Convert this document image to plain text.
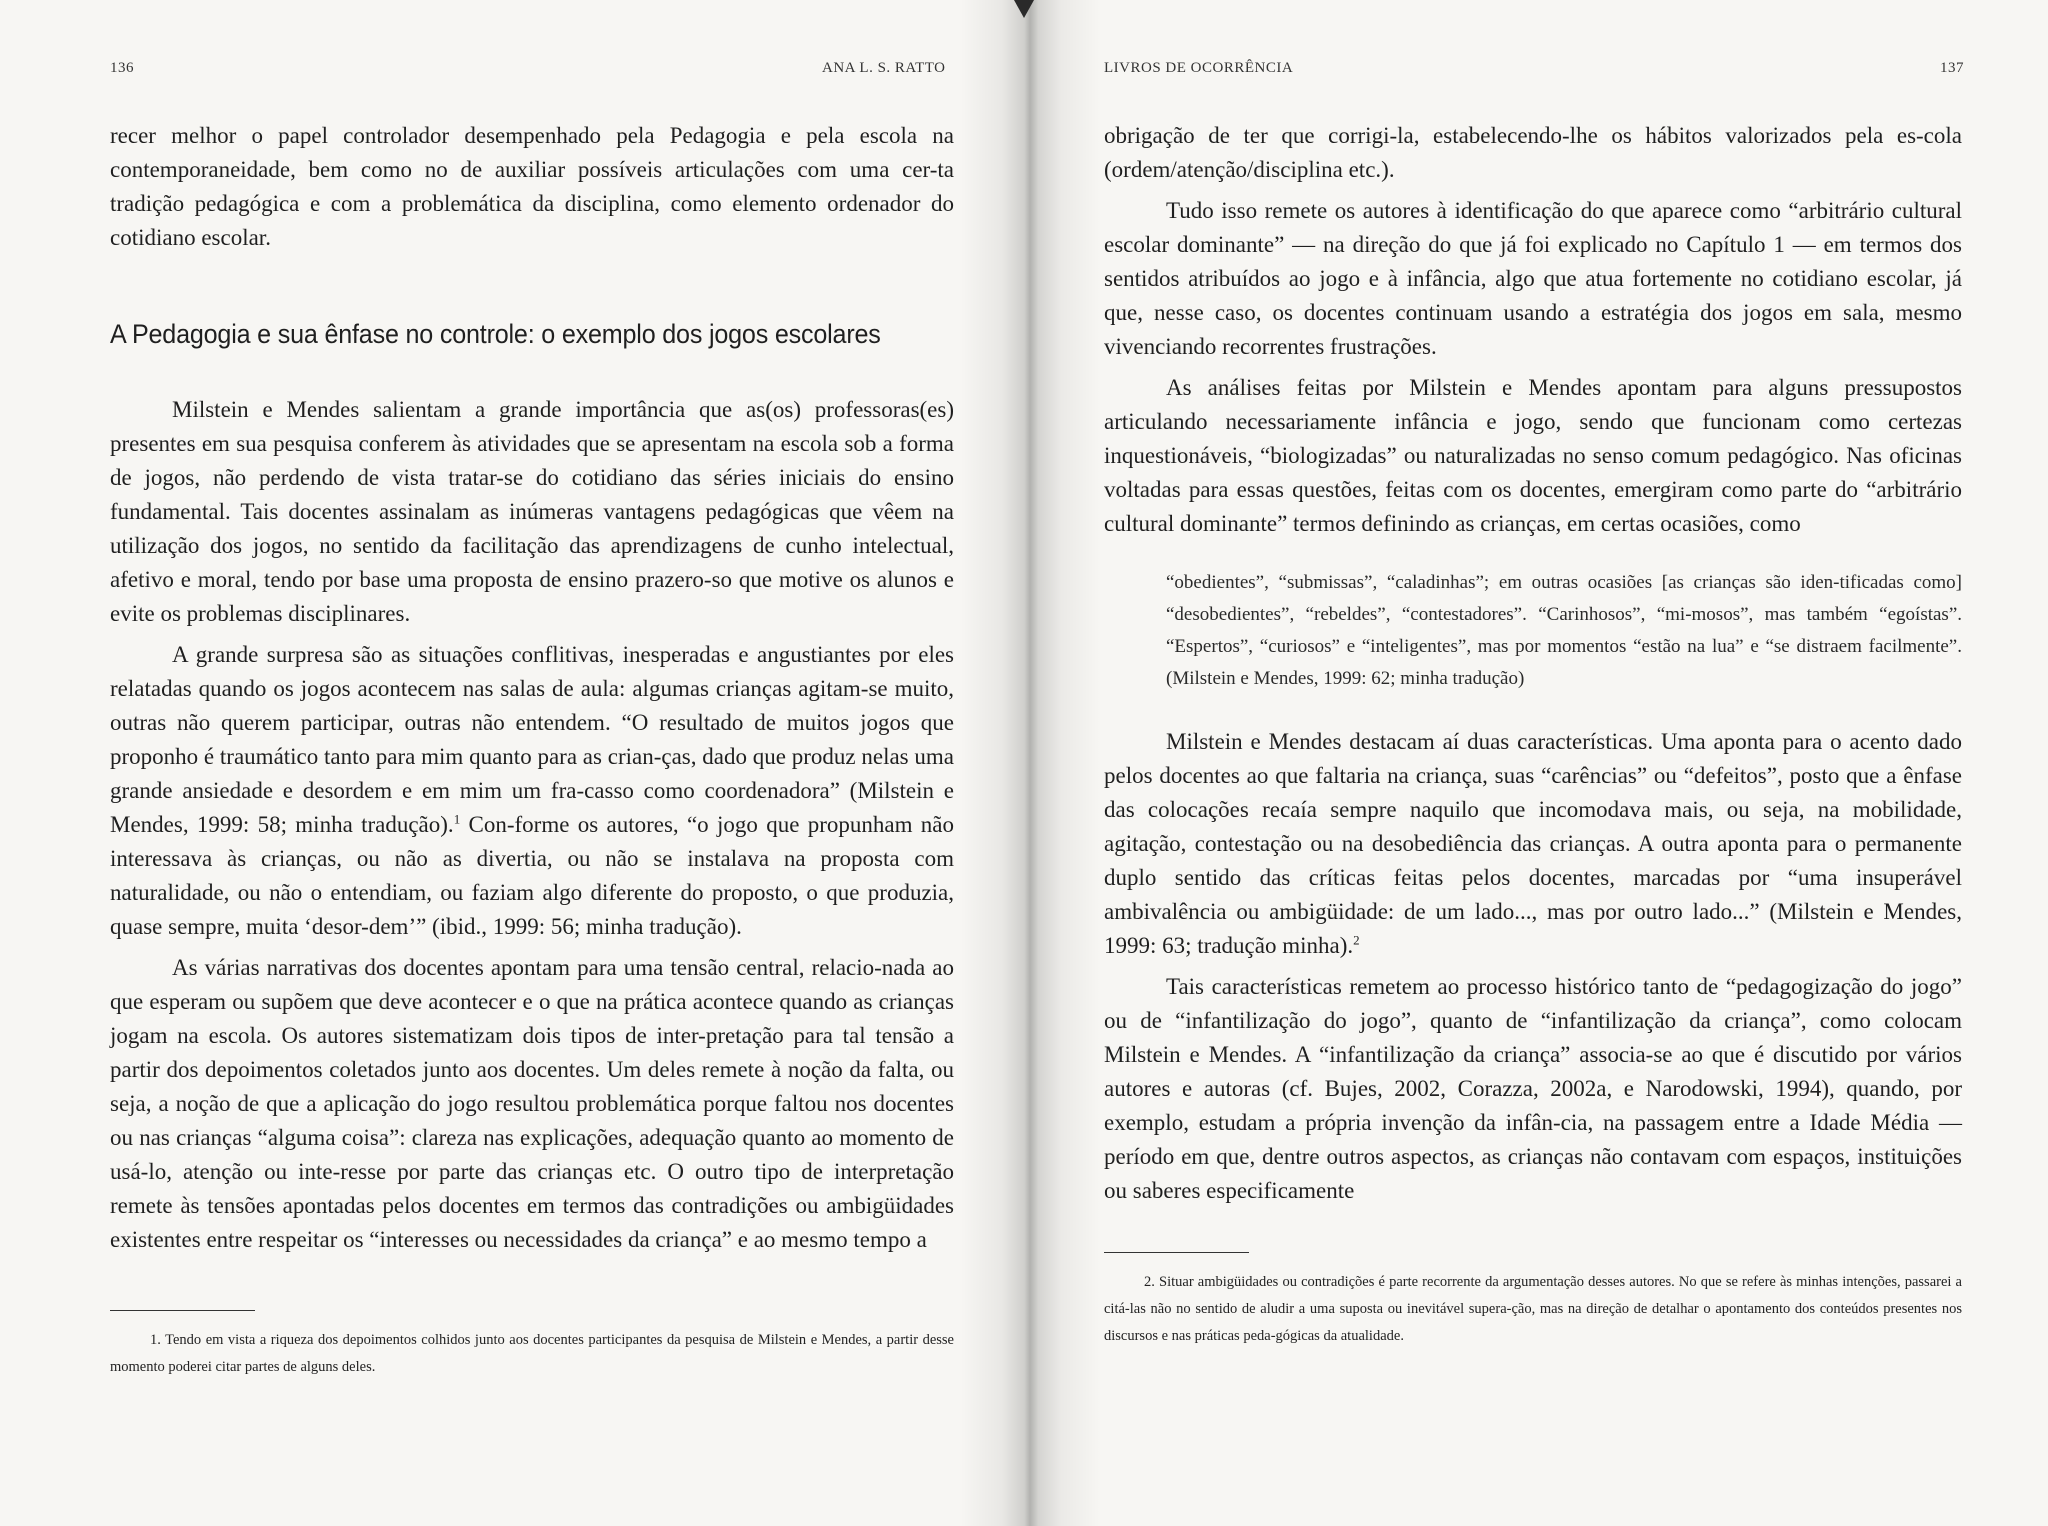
136	ANA L. S. RATTO

recer melhor o papel controlador desempenhado pela Pedagogia e pela escola na contemporaneidade, bem como no de auxiliar possíveis articulações com uma cer-ta tradição pedagógica e com a problemática da disciplina, como elemento ordenador do cotidiano escolar.

A Pedagogia e sua ênfase no controle: o exemplo dos jogos escolares

Milstein e Mendes salientam a grande importância que as(os) professoras(es) presentes em sua pesquisa conferem às atividades que se apresentam na escola sob a forma de jogos, não perdendo de vista tratar-se do cotidiano das séries iniciais do ensino fundamental. Tais docentes assinalam as inúmeras vantagens pedagógicas que vêem na utilização dos jogos, no sentido da facilitação das aprendizagens de cunho intelectual, afetivo e moral, tendo por base uma proposta de ensino prazero-so que motive os alunos e evite os problemas disciplinares.

A grande surpresa são as situações conflitivas, inesperadas e angustiantes por eles relatadas quando os jogos acontecem nas salas de aula: algumas crianças agitam-se muito, outras não querem participar, outras não entendem. “O resultado de muitos jogos que proponho é traumático tanto para mim quanto para as crian-ças, dado que produz nelas uma grande ansiedade e desordem e em mim um fra-casso como coordenadora” (Milstein e Mendes, 1999: 58; minha tradução).$^1$ Con-forme os autores, “o jogo que propunham não interessava às crianças, ou não as divertia, ou não se instalava na proposta com naturalidade, ou não o entendiam, ou faziam algo diferente do proposto, o que produzia, quase sempre, muita ‘desor-dem’” (ibid., 1999: 56; minha tradução).

As várias narrativas dos docentes apontam para uma tensão central, relacio-nada ao que esperam ou supõem que deve acontecer e o que na prática acontece quando as crianças jogam na escola. Os autores sistematizam dois tipos de inter-pretação para tal tensão a partir dos depoimentos coletados junto aos docentes. Um deles remete à noção da falta, ou seja, a noção de que a aplicação do jogo resultou problemática porque faltou nos docentes ou nas crianças “alguma coisa”: clareza nas explicações, adequação quanto ao momento de usá-lo, atenção ou inte-resse por parte das crianças etc. O outro tipo de interpretação remete às tensões apontadas pelos docentes em termos das contradições ou ambigüidades existentes entre respeitar os “interesses ou necessidades da criança” e ao mesmo tempo a

1. Tendo em vista a riqueza dos depoimentos colhidos junto aos docentes participantes da pesquisa de Milstein e Mendes, a partir desse momento poderei citar partes de alguns deles.

LIVROS DE OCORRÊNCIA	137

obrigação de ter que corrigi-la, estabelecendo-lhe os hábitos valorizados pela es-cola (ordem/atenção/disciplina etc.).

Tudo isso remete os autores à identificação do que aparece como “arbitrário cultural escolar dominante” — na direção do que já foi explicado no Capítulo 1 — em termos dos sentidos atribuídos ao jogo e à infância, algo que atua fortemente no cotidiano escolar, já que, nesse caso, os docentes continuam usando a estratégia dos jogos em sala, mesmo vivenciando recorrentes frustrações.

As análises feitas por Milstein e Mendes apontam para alguns pressupostos articulando necessariamente infância e jogo, sendo que funcionam como certezas inquestionáveis, “biologizadas” ou naturalizadas no senso comum pedagógico. Nas oficinas voltadas para essas questões, feitas com os docentes, emergiram como parte do “arbitrário cultural dominante” termos definindo as crianças, em certas ocasiões, como

“obedientes”, “submissas”, “caladinhas”; em outras ocasiões [as crianças são iden-tificadas como] “desobedientes”, “rebeldes”, “contestadores”. “Carinhosos”, “mi-mosos”, mas também “egoístas”. “Espertos”, “curiosos” e “inteligentes”, mas por momentos “estão na lua” e “se distraem facilmente”. (Milstein e Mendes, 1999: 62; minha tradução)

Milstein e Mendes destacam aí duas características. Uma aponta para o acento dado pelos docentes ao que faltaria na criança, suas “carências” ou “defeitos”, posto que a ênfase das colocações recaía sempre naquilo que incomodava mais, ou seja, na mobilidade, agitação, contestação ou na desobediência das crianças. A outra aponta para o permanente duplo sentido das críticas feitas pelos docentes, marcadas por “uma insuperável ambivalência ou ambigüidade: de um lado..., mas por outro lado...” (Milstein e Mendes, 1999: 63; tradução minha).$^2$

Tais características remetem ao processo histórico tanto de “pedagogização do jogo” ou de “infantilização do jogo”, quanto de “infantilização da criança”, como colocam Milstein e Mendes. A “infantilização da criança” associa-se ao que é discutido por vários autores e autoras (cf. Bujes, 2002, Corazza, 2002a, e Narodowski, 1994), quando, por exemplo, estudam a própria invenção da infân-cia, na passagem entre a Idade Média — período em que, dentre outros aspectos, as crianças não contavam com espaços, instituições ou saberes especificamente

2. Situar ambigüidades ou contradições é parte recorrente da argumentação desses autores. No que se refere às minhas intenções, passarei a citá-las não no sentido de aludir a uma suposta ou inevitável supera-ção, mas na direção de detalhar o apontamento dos conteúdos presentes nos discursos e nas práticas peda-gógicas da atualidade.
